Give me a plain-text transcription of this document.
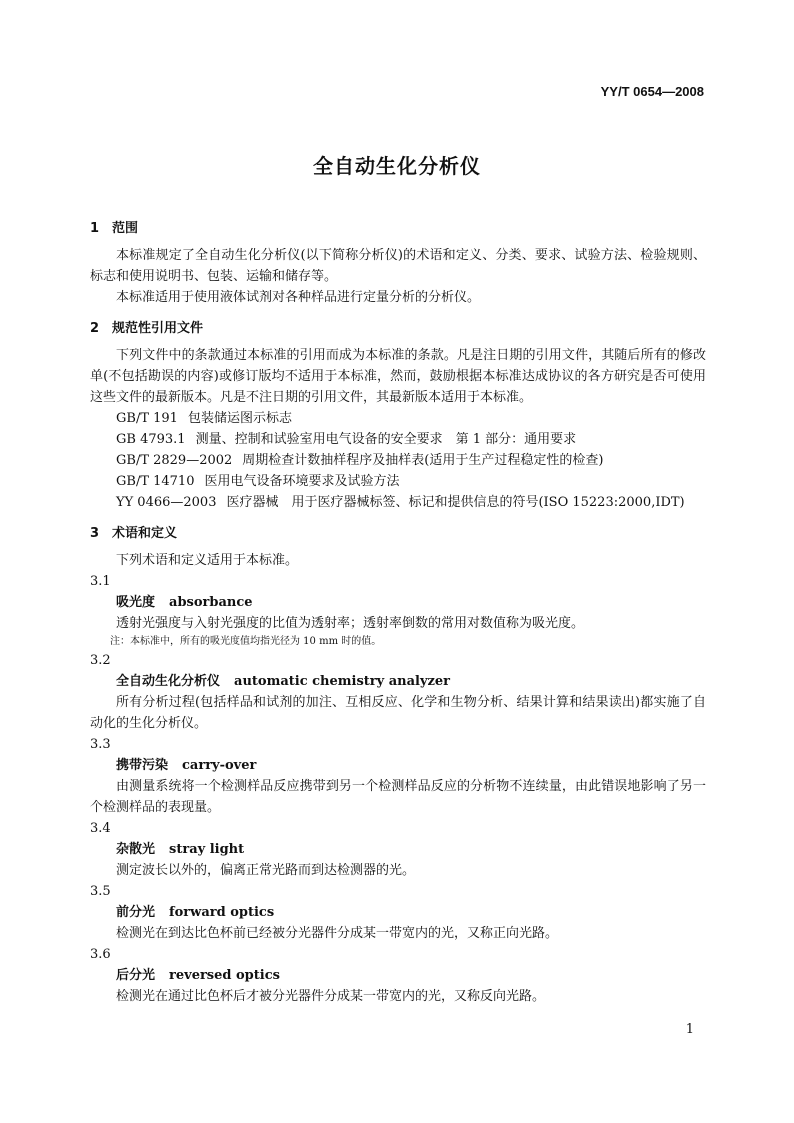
YY/T 0654—2008
全自动生化分析仪

1 范围

本标准规定了全自动生化分析仪(以下简称分析仪)的术语和定义、分类、要求、试验方法、检验规则、标志和使用说明书、包装、运输和储存等。

本标准适用于使用液体试剂对各种样品进行定量分析的分析仪。

2 规范性引用文件

下列文件中的条款通过本标准的引用而成为本标准的条款。凡是注日期的引用文件，其随后所有的修改单(不包括勘误的内容)或修订版均不适用于本标准，然而，鼓励根据本标准达成协议的各方研究是否可使用这些文件的最新版本。凡是不注日期的引用文件，其最新版本适用于本标准。

GB/T 191 包装储运图示标志

GB 4793.1 测量、控制和试验室用电气设备的安全要求　第 1 部分：通用要求

GB/T 2829—2002 周期检查计数抽样程序及抽样表(适用于生产过程稳定性的检查)

GB/T 14710 医用电气设备环境要求及试验方法

YY 0466—2003 医疗器械　用于医疗器械标签、标记和提供信息的符号(ISO 15223:2000,IDT)

3 术语和定义

下列术语和定义适用于本标准。

3.1

吸光度 absorbance

透射光强度与入射光强度的比值为透射率；透射率倒数的常用对数值称为吸光度。

注：本标准中，所有的吸光度值均指光径为 10 mm 时的值。

3.2

全自动生化分析仪 automatic chemistry analyzer

所有分析过程(包括样品和试剂的加注、互相反应、化学和生物分析、结果计算和结果读出)都实施了自动化的生化分析仪。

3.3

携带污染 carry-over

由测量系统将一个检测样品反应携带到另一个检测样品反应的分析物不连续量，由此错误地影响了另一个检测样品的表现量。

3.4

杂散光 stray light

测定波长以外的，偏离正常光路而到达检测器的光。

3.5

前分光 forward optics

检测光在到达比色杯前已经被分光器件分成某一带宽内的光，又称正向光路。

3.6

后分光 reversed optics

检测光在通过比色杯后才被分光器件分成某一带宽内的光，又称反向光路。

1
